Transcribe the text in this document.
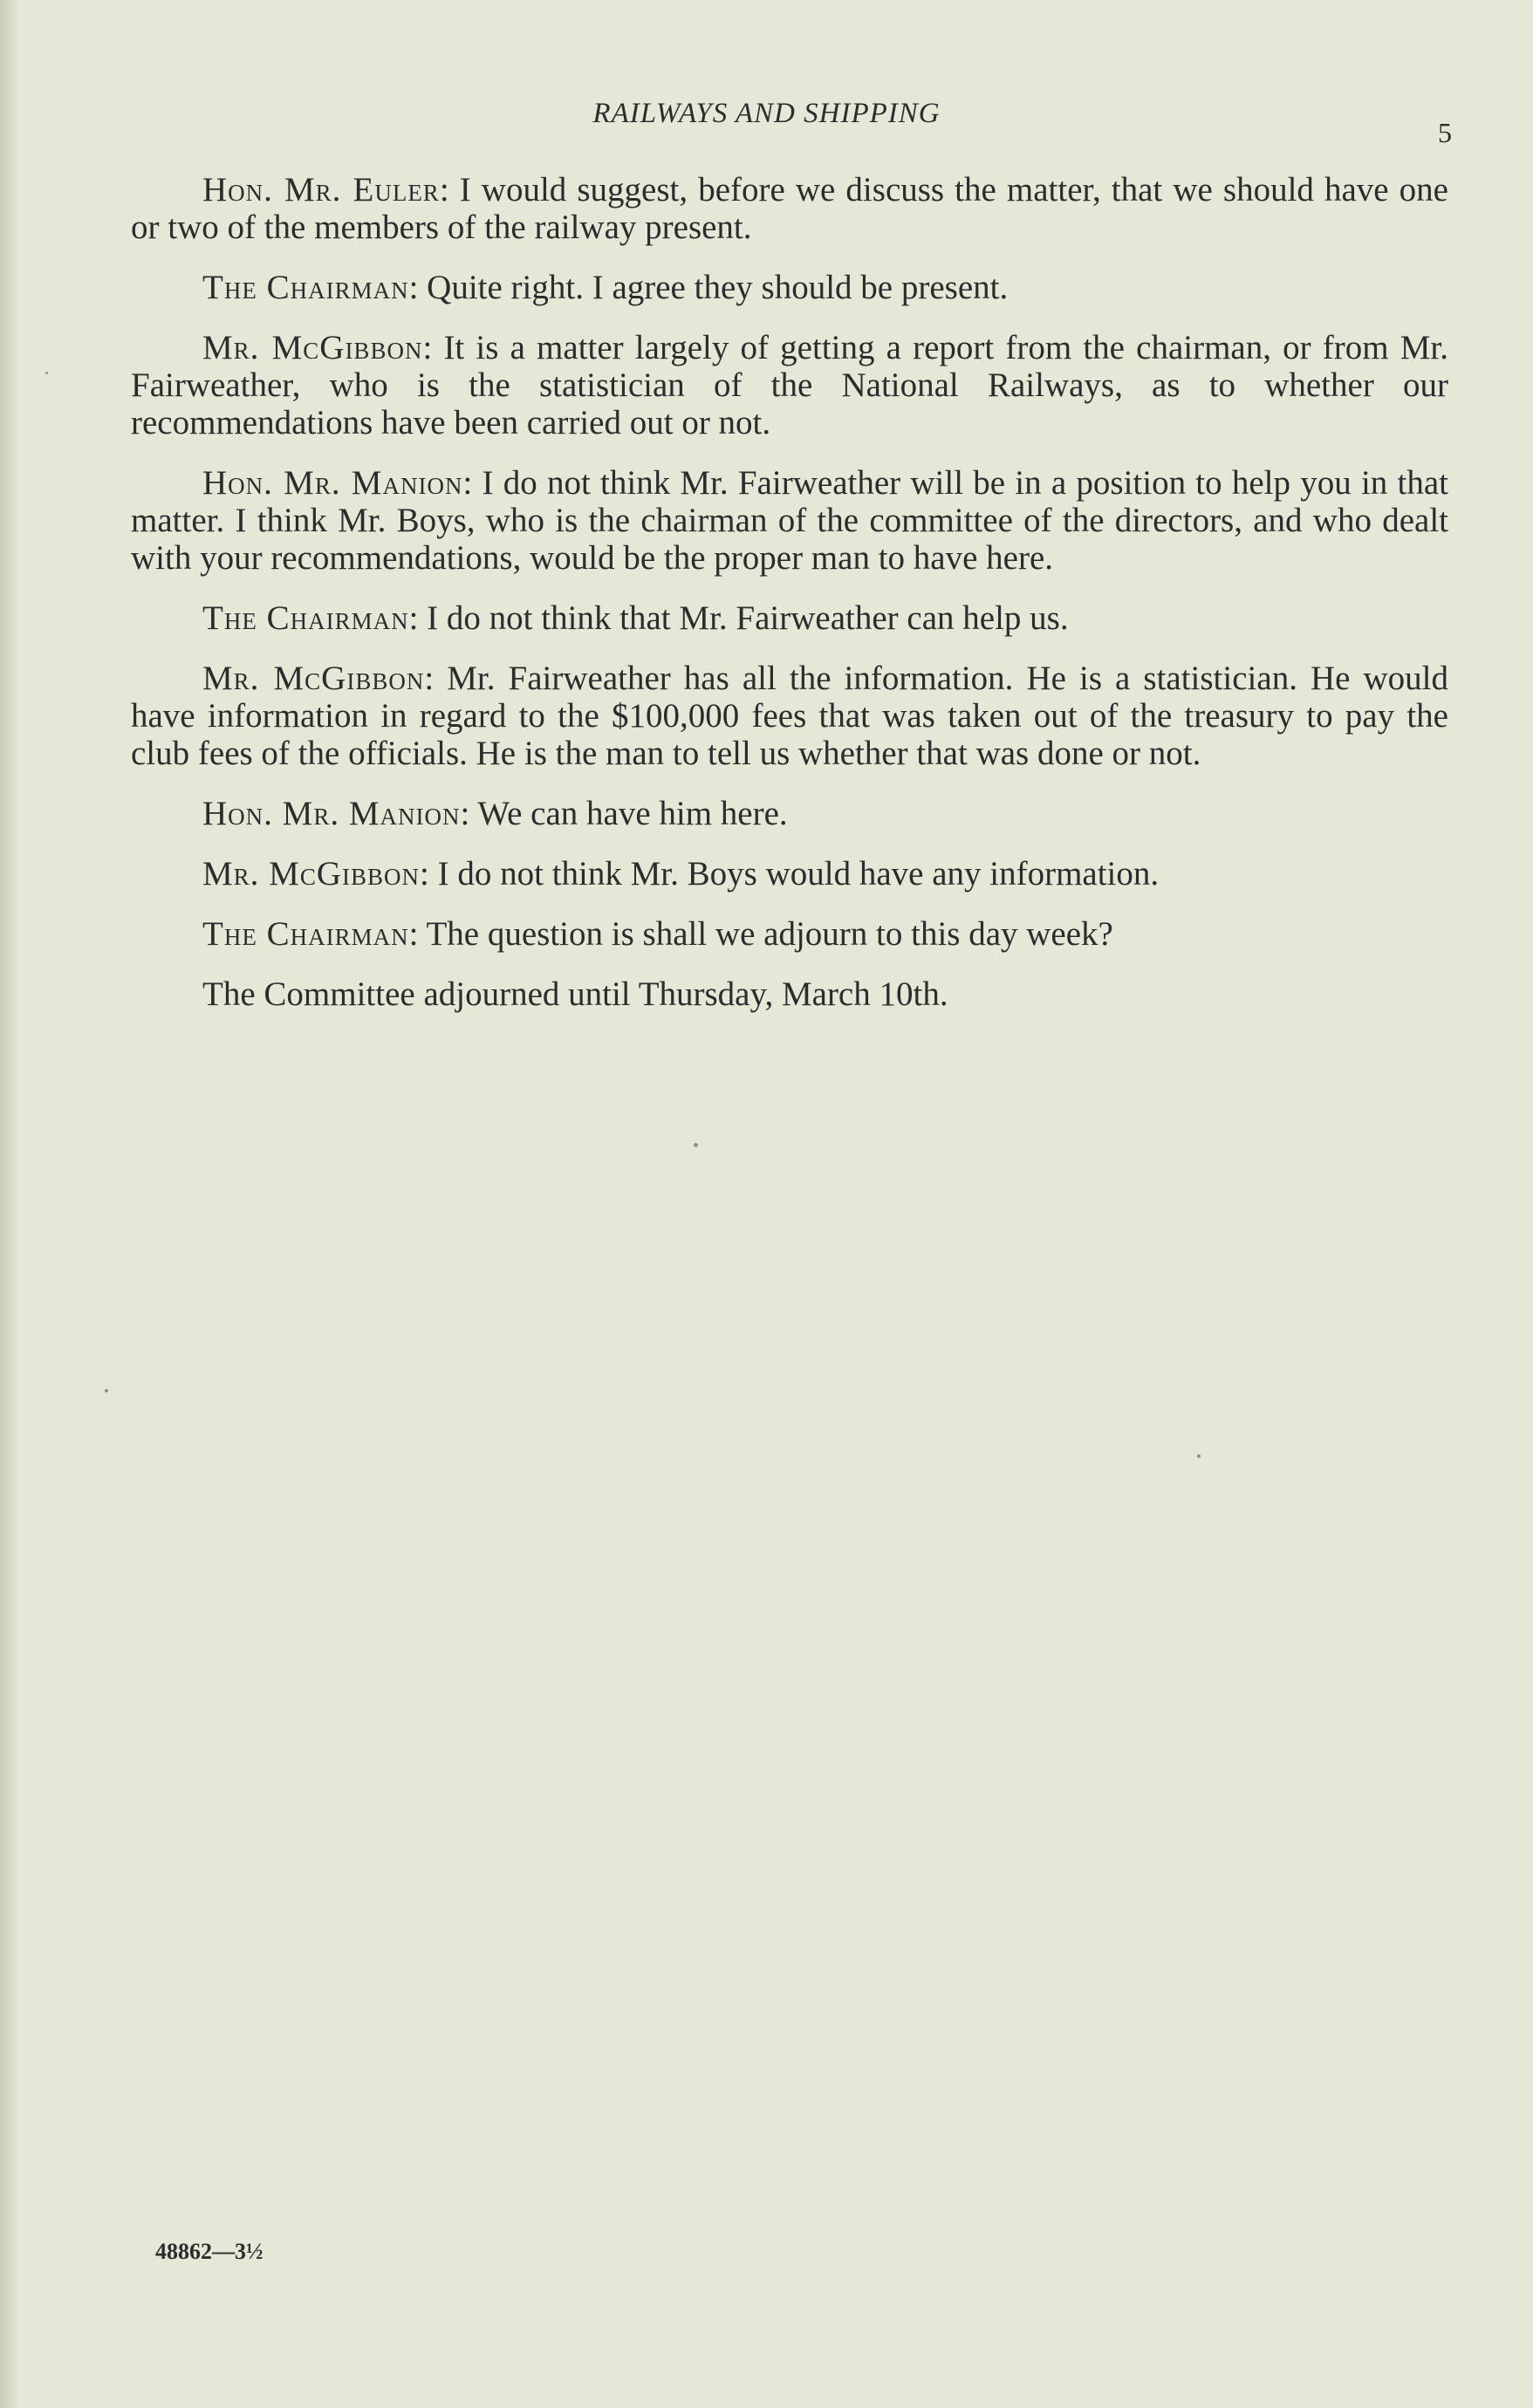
RAILWAYS AND SHIPPING
5

Hon. Mr. Euler: I would suggest, before we discuss the matter, that we should have one or two of the members of the railway present.

The Chairman: Quite right. I agree they should be present.

Mr. McGibbon: It is a matter largely of getting a report from the chairman, or from Mr. Fairweather, who is the statistician of the National Railways, as to whether our recommendations have been carried out or not.

Hon. Mr. Manion: I do not think Mr. Fairweather will be in a position to help you in that matter. I think Mr. Boys, who is the chairman of the committee of the directors, and who dealt with your recommendations, would be the proper man to have here.

The Chairman: I do not think that Mr. Fairweather can help us.

Mr. McGibbon: Mr. Fairweather has all the information. He is a statistician. He would have information in regard to the $100,000 fees that was taken out of the treasury to pay the club fees of the officials. He is the man to tell us whether that was done or not.

Hon. Mr. Manion: We can have him here.

Mr. McGibbon: I do not think Mr. Boys would have any information.

The Chairman: The question is shall we adjourn to this day week?

The Committee adjourned until Thursday, March 10th.

48862—3½
